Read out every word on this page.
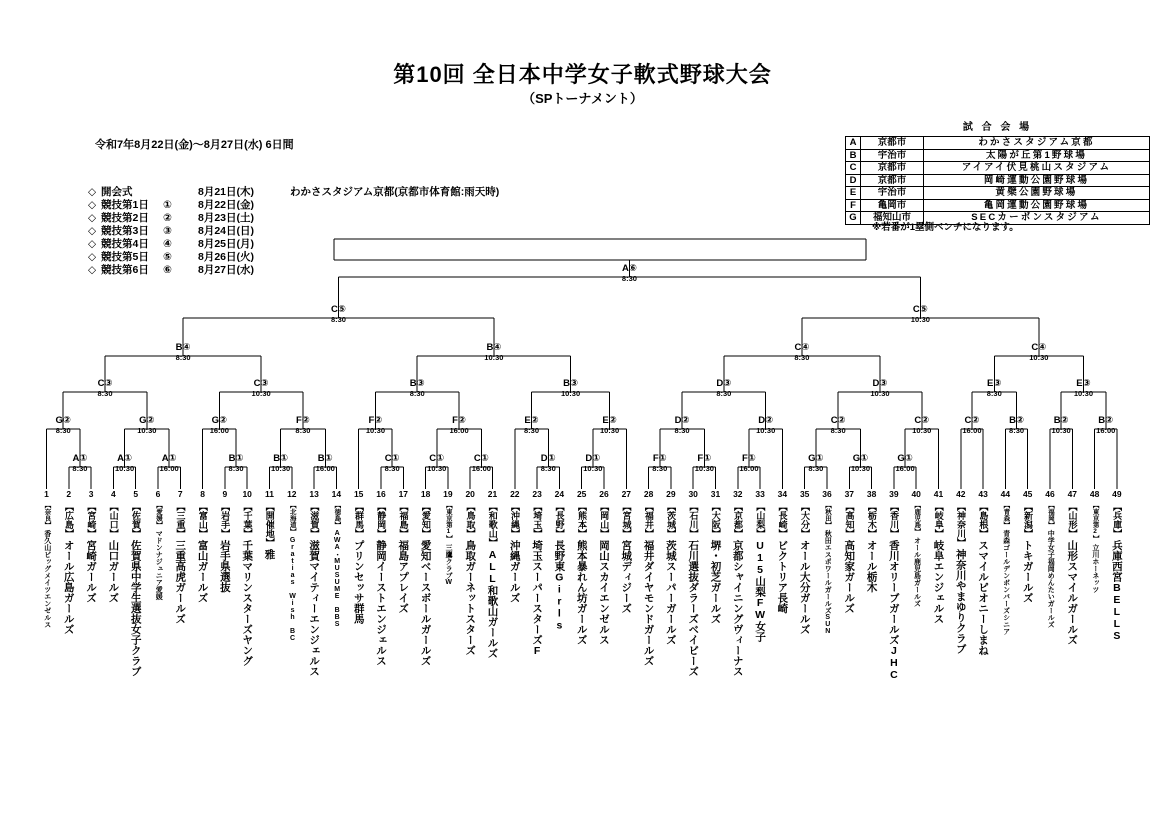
第10回 全日本中学女子軟式野球大会
（SPトーナメント）
令和7年8月22日(金)～8月27日(水) 6日間
◇ 開会式	8月21日(木)	わかさスタジアム京都(京都市体育館:雨天時)
◇ 競技第1日	①	8月22日(金)
◇ 競技第2日	②	8月23日(土)
◇ 競技第3日	③	8月24日(日)
◇ 競技第4日	④	8月25日(月)
◇ 競技第5日	⑤	8月26日(火)
◇ 競技第6日	⑥	8月27日(水)
試 合 会 場
A	京都市	わかさスタジアム京都
B	宇治市	太陽が丘第1野球場
C	京都市	アイアイ伏見桃山スタジアム
D	京都市	岡崎運動公園野球場
E	宇治市	黄檗公園野球場
F	亀岡市	亀岡運動公園野球場
G	福知山市	SECカーボンスタジアム
※若番が1塁側ベンチになります。
A①
8:30
A①
10:30
A①
16:00
B①
8:30
B①
10:30
B①
16:00
C①
8:30
C①
10:30
C①
16:00
D①
8:30
D①
10:30
F①
8:30
F①
10:30
F①
16:00
G①
8:30
G①
10:30
G①
16:00
G②
8:30
G②
10:30
G②
16:00
F②
8:30
F②
10:30
F②
16:00
E②
8:30
E②
10:30
D②
8:30
D②
10:30
C②
8:30
C②
10:30
C②
16:00
B②
8:30
B②
10:30
B②
16:00
C③
8:30
C③
10:30
B③
8:30
B③
10:30
D③
8:30
D③
10:30
E③
8:30
E③
10:30
B④
8:30
B④
10:30
C④
8:30
C④
10:30
C⑤
8:30
C⑤
10:30
A⑥
8:30
1
【奈良】
香久山ビッグメイツエンゼルス
2
【広島】
オール広島ガールズ
3
【宮崎】
宮崎ガールズ
4
【山口】
山口ガールズ
5
【佐賀】
佐賀県中学生選抜女子クラブ
6
【愛媛】
マドンナジュニア愛媛
7
【三重】
三重高虎ガールズ
8
【富山】
富山ガールズ
9
【岩手】
岩手県選抜
10
【千葉】
千葉マリンスターズヤング
11
【開催地】
雅
12
【北海道】
Gratias Wish BC
13
【滋賀】
滋賀マイティーエンジェルス
14
【徳島】
AWA・MUSUME BBS
15
【群馬】
プリンセッサ群馬
16
【静岡】
静岡イーストエンジェルス
17
【福島】
福島アプレイズ
18
【愛知】
愛知ベースボールガールズ
19
【東京第1】
三鷹クラブW
20
【鳥取】
鳥取ガーネットスターズ
21
【和歌山】
ALL和歌山ガールズ
22
【沖縄】
沖縄ガールズ
23
【埼玉】
埼玉スーパースターズF
24
【長野】
長野東Girls
25
【熊本】
熊本暴れん坊ガールズ
26
【岡山】
岡山スカイエンゼルス
27
【宮城】
宮城ディジーズ
28
【福井】
福井ダイヤモンドガールズ
29
【茨城】
茨城スーパーガールズ
30
【石川】
石川選抜ダラーズベイビーズ
31
【大阪】
堺・初芝ガールズ
32
【京都】
京都シャイニングヴィーナス
33
【山梨】
U15山梨FW女子
34
【長崎】
ビクトリア長崎
35
【大分】
オール大分ガールズ
36
【秋田】
秋田エスポワールガールズSUN
37
【高知】
高知家ガールズ
38
【栃木】
オール栃木
39
【香川】
香川オリーブガールズJHC
40
【鹿児島】
オール鹿児島ガールズ
41
【岐阜】
岐阜エンジェルス
42
【神奈川】
神奈川やまゆりクラブ
43
【島根】
スマイルピオニーしまね
44
【青森】
青森ゴールデンボンバーズシニア
45
【新潟】
トキガールズ
46
【福岡】
中学女子福岡めんたいガールズ
47
【山形】
山形スマイルガールズ
48
【東京第2】
立川ホーネッツ
49
【兵庫】
兵庫西宮BELLS
